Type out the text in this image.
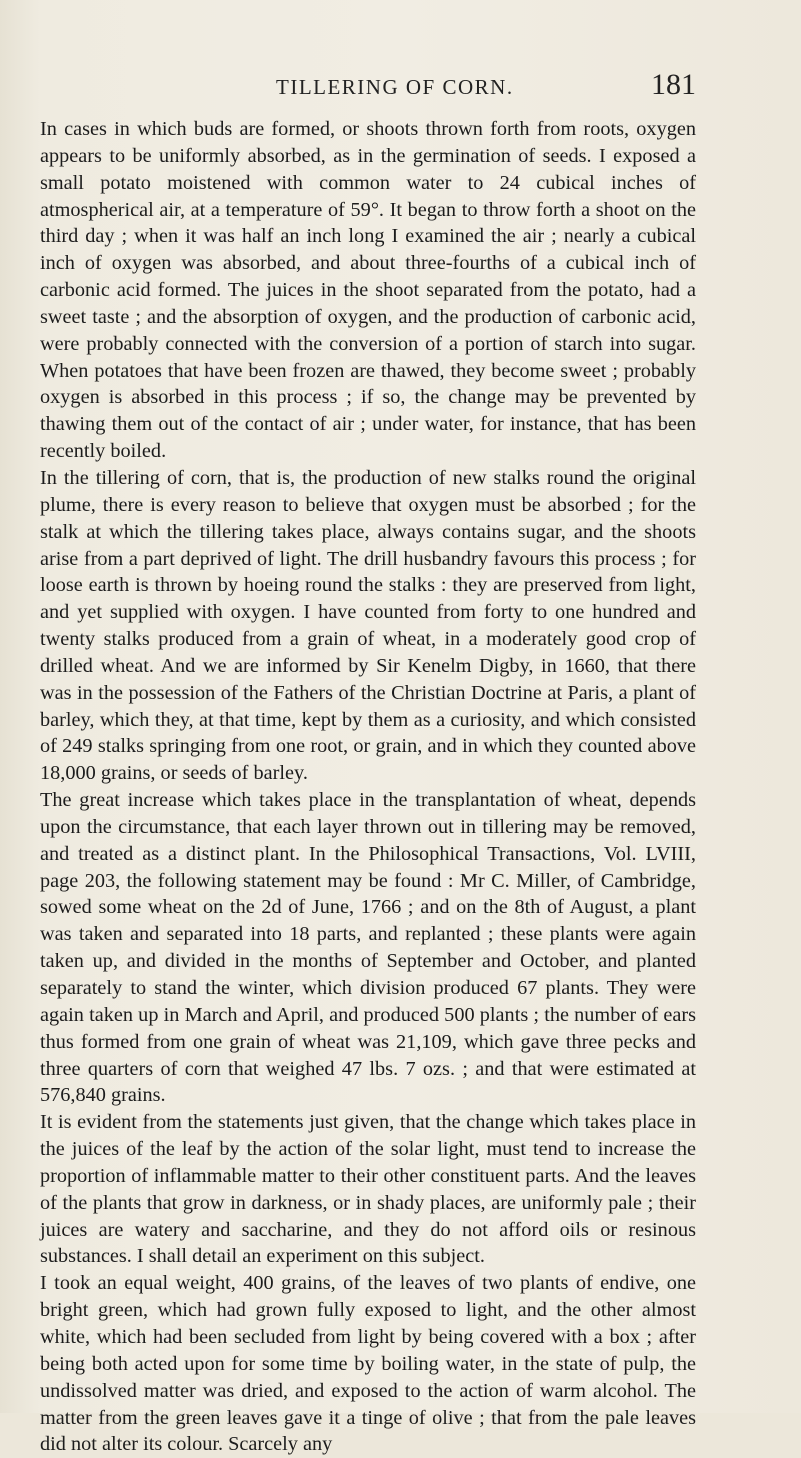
TILLERING OF CORN.	181

In cases in which buds are formed, or shoots thrown forth from roots, oxygen appears to be uniformly absorbed, as in the germination of seeds. I exposed a small potato moistened with common water to 24 cubical inches of atmospherical air, at a temperature of 59°. It began to throw forth a shoot on the third day ; when it was half an inch long I examined the air ; nearly a cubical inch of oxygen was absorbed, and about three-fourths of a cubical inch of carbonic acid formed. The juices in the shoot separated from the potato, had a sweet taste ; and the absorption of oxygen, and the production of carbonic acid, were probably connected with the conversion of a portion of starch into sugar. When potatoes that have been frozen are thawed, they become sweet ; probably oxygen is absorbed in this process ; if so, the change may be prevented by thawing them out of the contact of air ; under water, for instance, that has been recently boiled.

In the tillering of corn, that is, the production of new stalks round the original plume, there is every reason to believe that oxygen must be absorbed ; for the stalk at which the tillering takes place, always contains sugar, and the shoots arise from a part deprived of light. The drill husbandry favours this process ; for loose earth is thrown by hoeing round the stalks : they are preserved from light, and yet supplied with oxygen. I have counted from forty to one hundred and twenty stalks produced from a grain of wheat, in a moderately good crop of drilled wheat. And we are informed by Sir Kenelm Digby, in 1660, that there was in the possession of the Fathers of the Christian Doctrine at Paris, a plant of barley, which they, at that time, kept by them as a curiosity, and which consisted of 249 stalks springing from one root, or grain, and in which they counted above 18,000 grains, or seeds of barley.

The great increase which takes place in the transplantation of wheat, depends upon the circumstance, that each layer thrown out in tillering may be removed, and treated as a distinct plant. In the Philosophical Transactions, Vol. LVIII, page 203, the following statement may be found : Mr C. Miller, of Cambridge, sowed some wheat on the 2d of June, 1766 ; and on the 8th of August, a plant was taken and separated into 18 parts, and replanted ; these plants were again taken up, and divided in the months of September and October, and planted separately to stand the winter, which division produced 67 plants. They were again taken up in March and April, and produced 500 plants ; the number of ears thus formed from one grain of wheat was 21,109, which gave three pecks and three quarters of corn that weighed 47 lbs. 7 ozs. ; and that were estimated at 576,840 grains.

It is evident from the statements just given, that the change which takes place in the juices of the leaf by the action of the solar light, must tend to increase the proportion of inflammable matter to their other constituent parts. And the leaves of the plants that grow in darkness, or in shady places, are uniformly pale ; their juices are watery and saccharine, and they do not afford oils or resinous substances. I shall detail an experiment on this subject.

I took an equal weight, 400 grains, of the leaves of two plants of endive, one bright green, which had grown fully exposed to light, and the other almost white, which had been secluded from light by being covered with a box ; after being both acted upon for some time by boiling water, in the state of pulp, the undissolved matter was dried, and exposed to the action of warm alcohol. The matter from the green leaves gave it a tinge of olive ; that from the pale leaves did not alter its colour. Scarcely any
